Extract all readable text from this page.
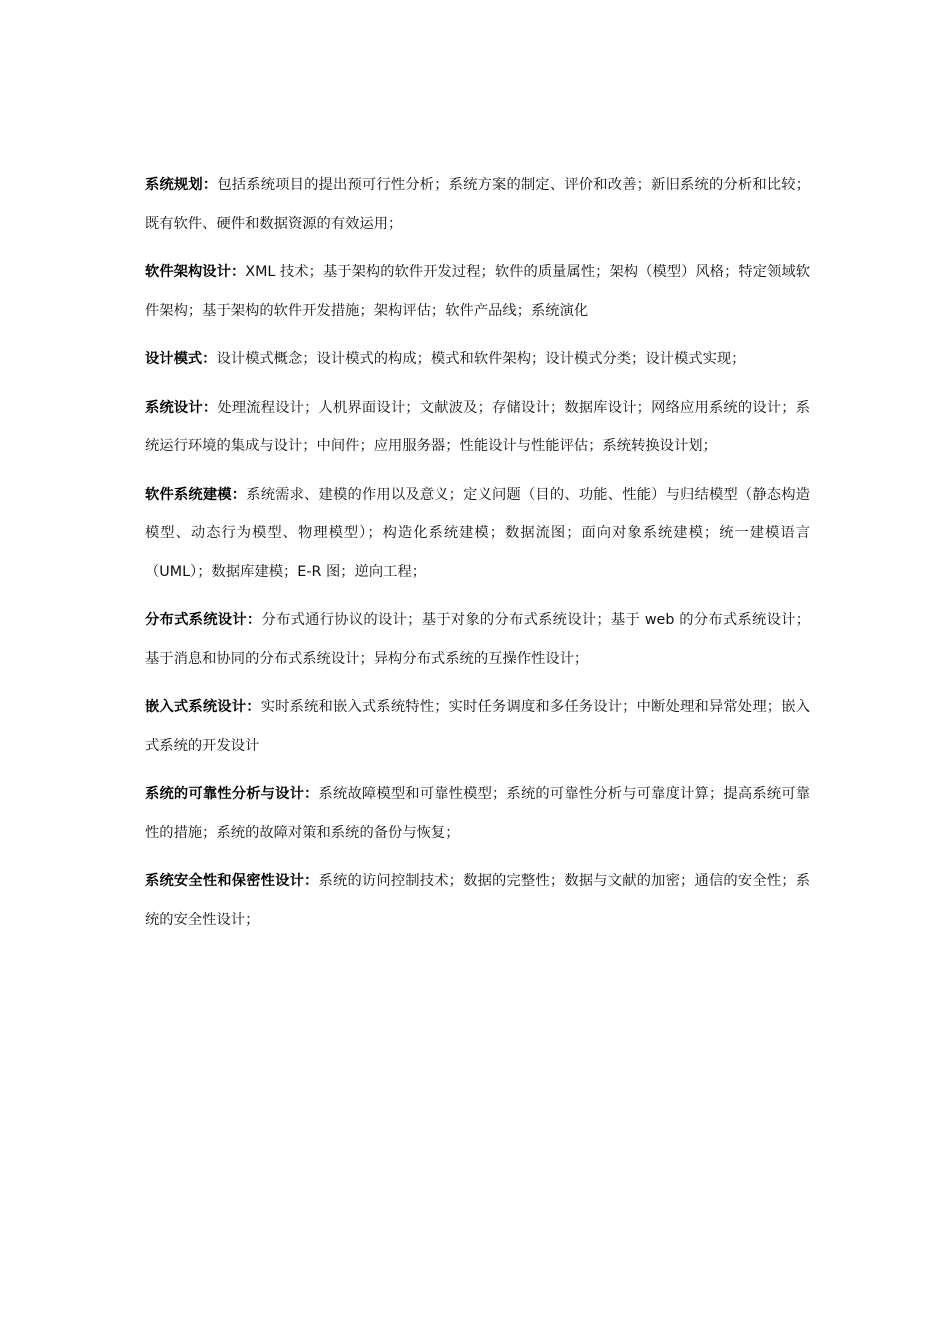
系统规划：包括系统项目的提出预可行性分析；系统方案的制定、评价和改善；新旧系统的分析和比较；既有软件、硬件和数据资源的有效运用；

软件架构设计：XML 技术；基于架构的软件开发过程；软件的质量属性；架构（模型）风格；特定领域软件架构；基于架构的软件开发措施；架构评估；软件产品线；系统演化

设计模式：设计模式概念；设计模式的构成；模式和软件架构；设计模式分类；设计模式实现；

系统设计：处理流程设计；人机界面设计；文献波及；存储设计；数据库设计；网络应用系统的设计；系统运行环境的集成与设计；中间件；应用服务器；性能设计与性能评估；系统转换设计划；

软件系统建模：系统需求、建模的作用以及意义；定义问题（目的、功能、性能）与归结模型（静态构造模型、动态行为模型、物理模型）；构造化系统建模；数据流图；面向对象系统建模；统一建模语言（UML）；数据库建模；E-R 图；逆向工程；

分布式系统设计：分布式通行协议的设计；基于对象的分布式系统设计；基于 web 的分布式系统设计；基于消息和协同的分布式系统设计；异构分布式系统的互操作性设计；

嵌入式系统设计：实时系统和嵌入式系统特性；实时任务调度和多任务设计；中断处理和异常处理；嵌入式系统的开发设计

系统的可靠性分析与设计：系统故障模型和可靠性模型；系统的可靠性分析与可靠度计算；提高系统可靠性的措施；系统的故障对策和系统的备份与恢复；

系统安全性和保密性设计：系统的访问控制技术；数据的完整性；数据与文献的加密；通信的安全性；系统的安全性设计；
